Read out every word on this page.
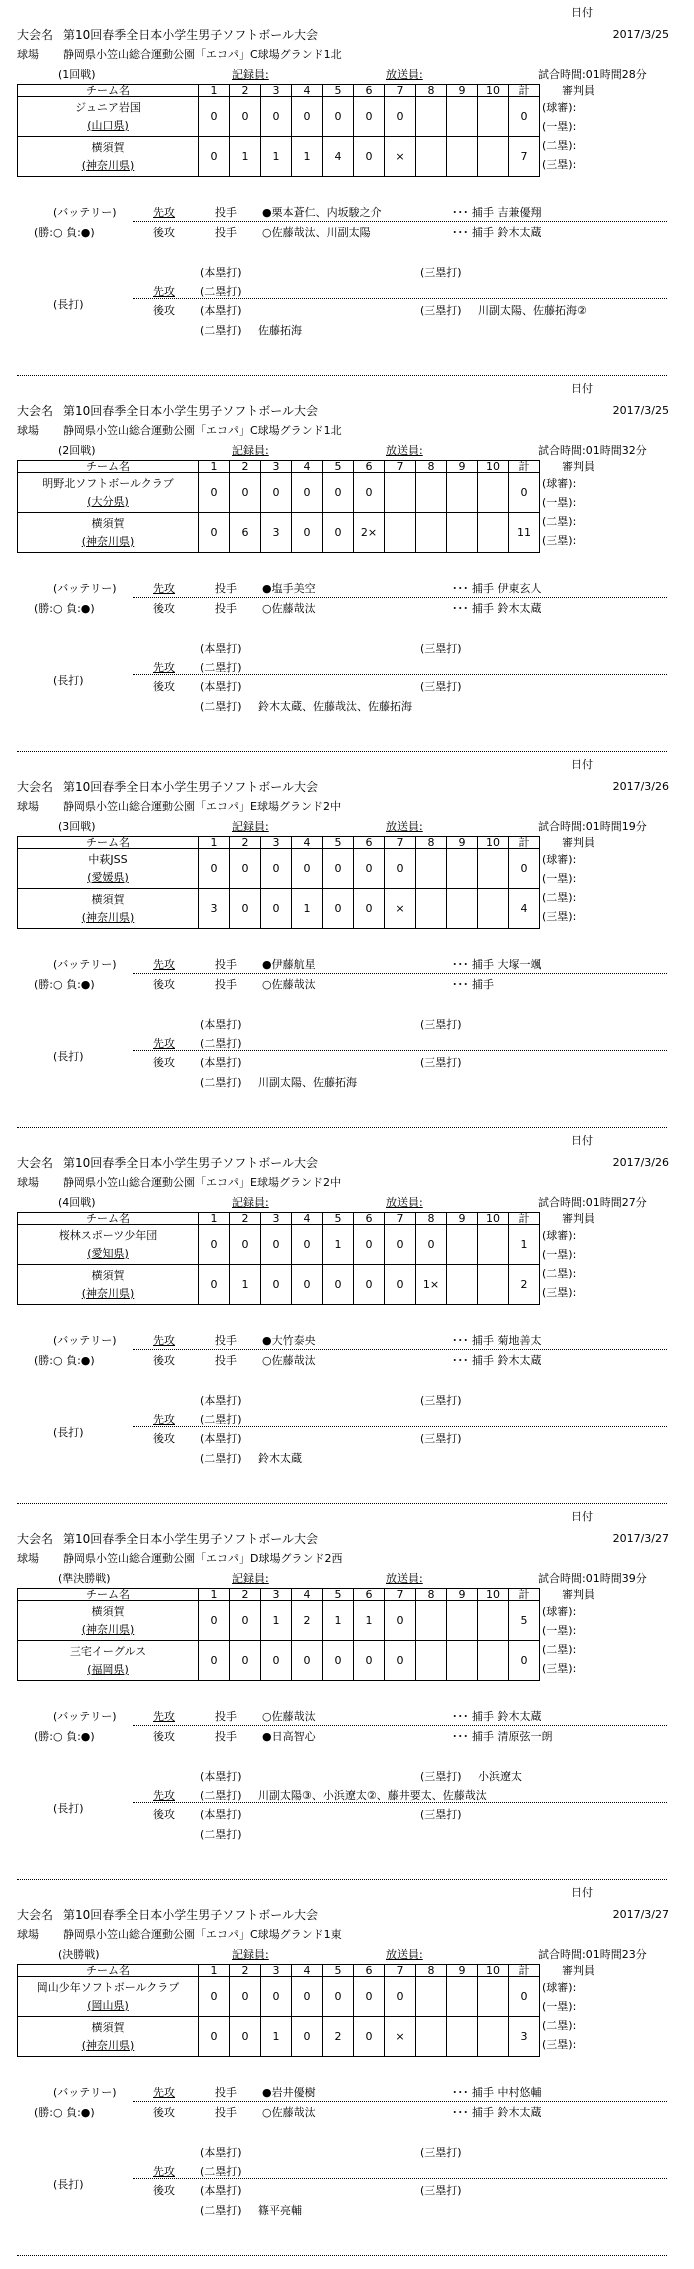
日付
大会名 第10回春季全日本小学生男子ソフトボール大会	2017/3/25
球場 静岡県小笠山総合運動公園「エコパ」C球場グランド1北
(1回戦)	記録員:	放送員:	試合時間:01時間28分
チーム名	1	2	3	4	5	6	7	8	9	10	計

ジュニア岩国
(山口県)	0	0	0	0	0	0	0				0

横須賀
(神奈川県)	0	1	1	1	4	0	×				7
審判員
(球審):
(一塁):
(二塁):
(三塁):
(バッテリー)
(勝:○ 負:●)
先攻	投手 ●栗本蒼仁、内坂駿之介	･･･ 捕手 吉兼優翔
後攻	投手 ○佐藤哉汰、川副太陽	･･･ 捕手 鈴木太蔵
(長打)
(本塁打)	(三塁打)
先攻 (二塁打)
後攻 (本塁打)	(三塁打) 川副太陽、佐藤拓海②
(二塁打) 佐藤拓海
日付
大会名 第10回春季全日本小学生男子ソフトボール大会	2017/3/25
球場 静岡県小笠山総合運動公園「エコパ」C球場グランド1北
(2回戦)	記録員:	放送員:	試合時間:01時間32分
チーム名	1	2	3	4	5	6	7	8	9	10	計

明野北ソフトボールクラブ
(大分県)	0	0	0	0	0	0					0

横須賀
(神奈川県)	0	6	3	0	0	2×					11
審判員
(球審):
(一塁):
(二塁):
(三塁):
(バッテリー)
(勝:○ 負:●)
先攻	投手 ●塩手美空	･･･ 捕手 伊東玄人
後攻	投手 ○佐藤哉汰	･･･ 捕手 鈴木太蔵
(長打)
(本塁打)	(三塁打)
先攻 (二塁打)
後攻 (本塁打)	(三塁打)
(二塁打) 鈴木太蔵、佐藤哉汰、佐藤拓海
日付
大会名 第10回春季全日本小学生男子ソフトボール大会	2017/3/26
球場 静岡県小笠山総合運動公園「エコパ」E球場グランド2中
(3回戦)	記録員:	放送員:	試合時間:01時間19分
チーム名	1	2	3	4	5	6	7	8	9	10	計

中萩JSS
(愛媛県)	0	0	0	0	0	0	0				0

横須賀
(神奈川県)	3	0	0	1	0	0	×				4
審判員
(球審):
(一塁):
(二塁):
(三塁):
(バッテリー)
(勝:○ 負:●)
先攻	投手 ●伊藤航星	･･･ 捕手 大塚一颯
後攻	投手 ○佐藤哉汰	･･･ 捕手
(長打)
(本塁打)	(三塁打)
先攻 (二塁打)
後攻 (本塁打)	(三塁打)
(二塁打) 川副太陽、佐藤拓海
日付
大会名 第10回春季全日本小学生男子ソフトボール大会	2017/3/26
球場 静岡県小笠山総合運動公園「エコパ」E球場グランド2中
(4回戦)	記録員:	放送員:	試合時間:01時間27分
チーム名	1	2	3	4	5	6	7	8	9	10	計

桜林スポーツ少年団
(愛知県)	0	0	0	0	1	0	0	0			1

横須賀
(神奈川県)	0	1	0	0	0	0	0	1×			2
審判員
(球審):
(一塁):
(二塁):
(三塁):
(バッテリー)
(勝:○ 負:●)
先攻	投手 ●大竹泰央	･･･ 捕手 菊地善太
後攻	投手 ○佐藤哉汰	･･･ 捕手 鈴木太蔵
(長打)
(本塁打)	(三塁打)
先攻 (二塁打)
後攻 (本塁打)	(三塁打)
(二塁打) 鈴木太蔵
日付
大会名 第10回春季全日本小学生男子ソフトボール大会	2017/3/27
球場 静岡県小笠山総合運動公園「エコパ」D球場グランド2西
(準決勝戦)	記録員:	放送員:	試合時間:01時間39分
チーム名	1	2	3	4	5	6	7	8	9	10	計

横須賀
(神奈川県)	0	0	1	2	1	1	0				5

三宅イーグルス
(福岡県)	0	0	0	0	0	0	0				0
審判員
(球審):
(一塁):
(二塁):
(三塁):
(バッテリー)
(勝:○ 負:●)
先攻	投手 ○佐藤哉汰	･･･ 捕手 鈴木太蔵
後攻	投手 ●日高智心	･･･ 捕手 清原弦一朗
(長打)
(本塁打)	(三塁打) 小浜遼太
先攻 (二塁打) 川副太陽③、小浜遼太②、藤井要太、佐藤哉汰
後攻 (本塁打)	(三塁打)
(二塁打)
日付
大会名 第10回春季全日本小学生男子ソフトボール大会	2017/3/27
球場 静岡県小笠山総合運動公園「エコパ」C球場グランド1東
(決勝戦)	記録員:	放送員:	試合時間:01時間23分
チーム名	1	2	3	4	5	6	7	8	9	10	計

岡山少年ソフトボールクラブ
(岡山県)	0	0	0	0	0	0	0				0

横須賀
(神奈川県)	0	0	1	0	2	0	×				3
審判員
(球審):
(一塁):
(二塁):
(三塁):
(バッテリー)
(勝:○ 負:●)
先攻	投手 ●岩井優樹	･･･ 捕手 中村悠輔
後攻	投手 ○佐藤哉汰	･･･ 捕手 鈴木太蔵
(長打)
(本塁打)	(三塁打)
先攻 (二塁打)
後攻 (本塁打)	(三塁打)
(二塁打) 篠平亮輔
